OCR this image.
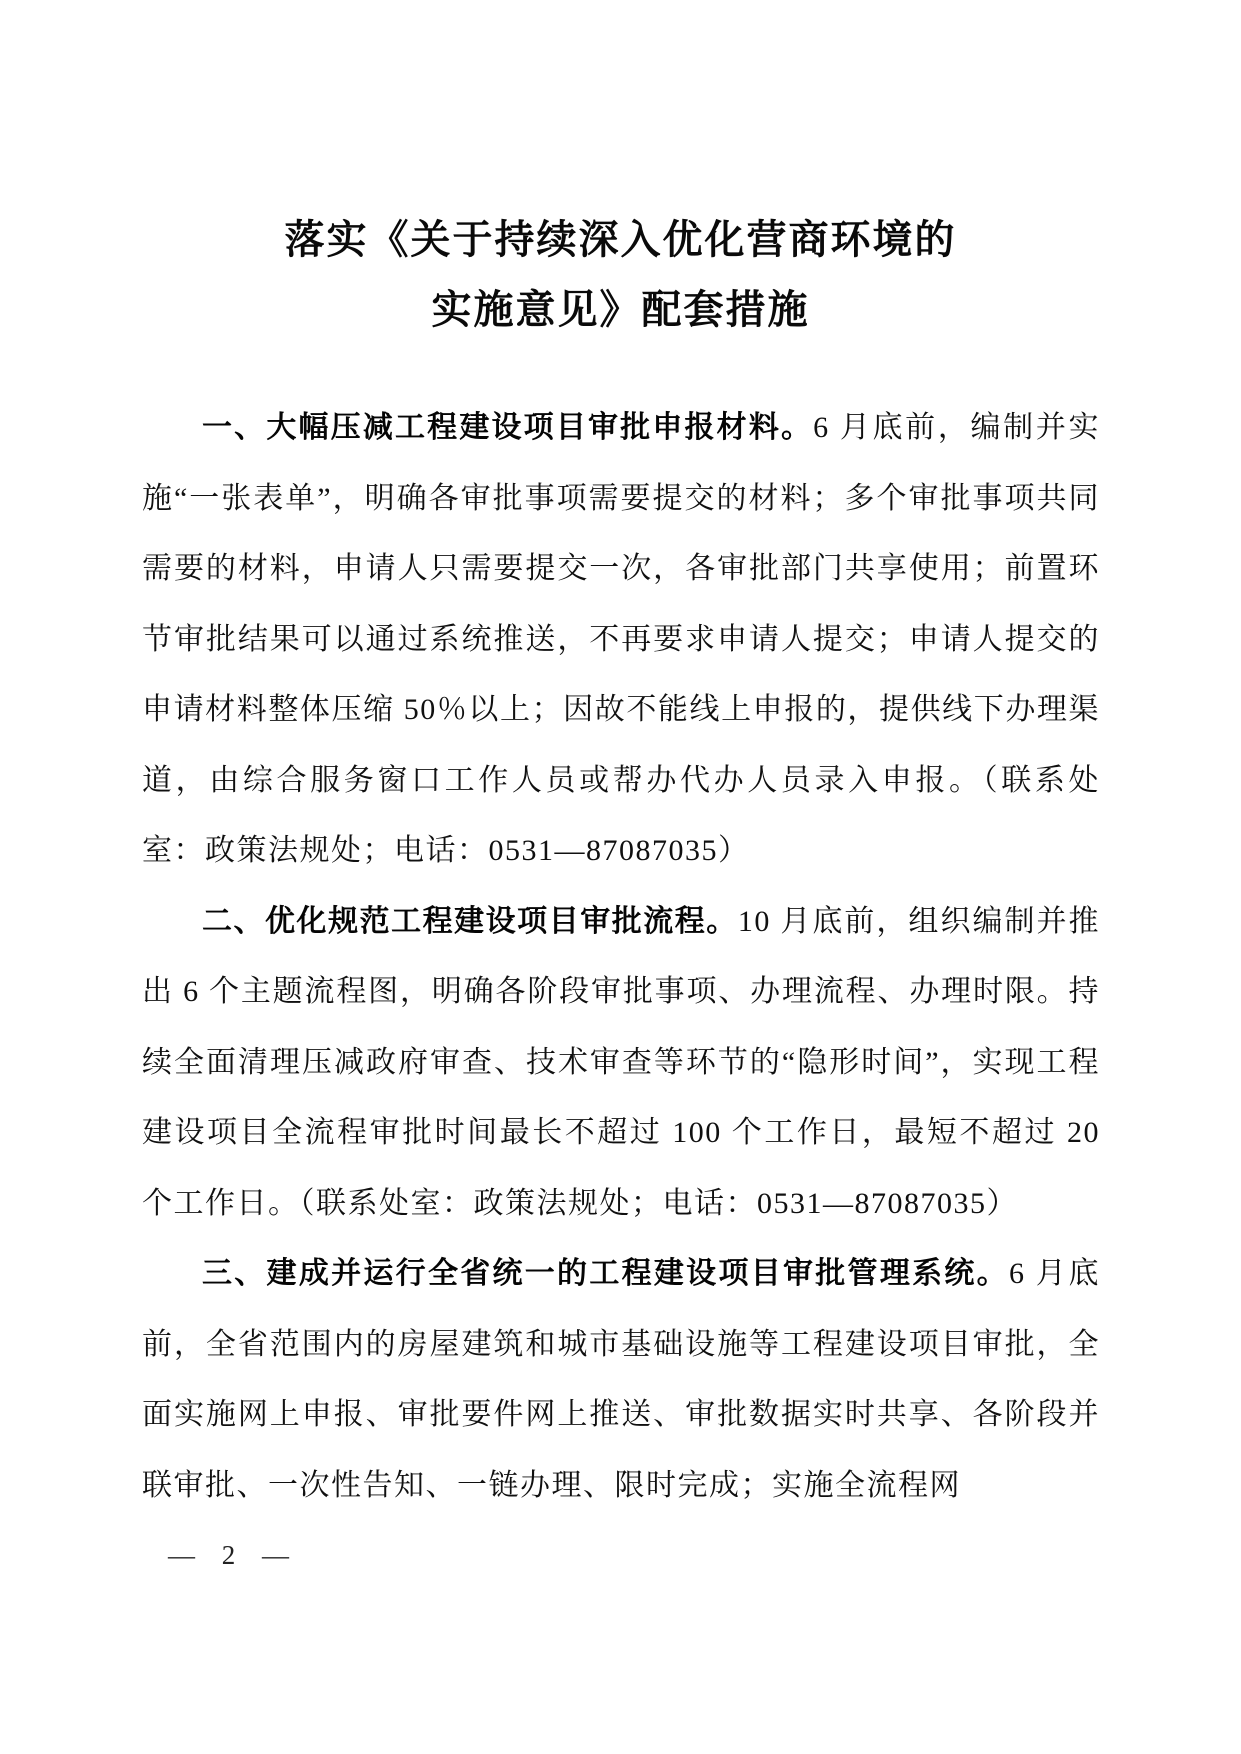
落实《关于持续深入优化营商环境的
实施意见》配套措施

一、大幅压减工程建设项目审批申报材料。6 月底前，编制并实施“一张表单”，明确各审批事项需要提交的材料；多个审批事项共同需要的材料，申请人只需要提交一次，各审批部门共享使用；前置环节审批结果可以通过系统推送，不再要求申请人提交；申请人提交的申请材料整体压缩 50％以上；因故不能线上申报的，提供线下办理渠道，由综合服务窗口工作人员或帮办代办人员录入申报。（联系处室：政策法规处；电话：0531—87087035）

二、优化规范工程建设项目审批流程。10 月底前，组织编制并推出 6 个主题流程图，明确各阶段审批事项、办理流程、办理时限。持续全面清理压减政府审查、技术审查等环节的“隐形时间”，实现工程建设项目全流程审批时间最长不超过 100 个工作日，最短不超过 20 个工作日。（联系处室：政策法规处；电话：0531—87087035）

三、建成并运行全省统一的工程建设项目审批管理系统。6 月底前，全省范围内的房屋建筑和城市基础设施等工程建设项目审批，全面实施网上申报、审批要件网上推送、审批数据实时共享、各阶段并联审批、一次性告知、一链办理、限时完成；实施全流程网

— 2 —
